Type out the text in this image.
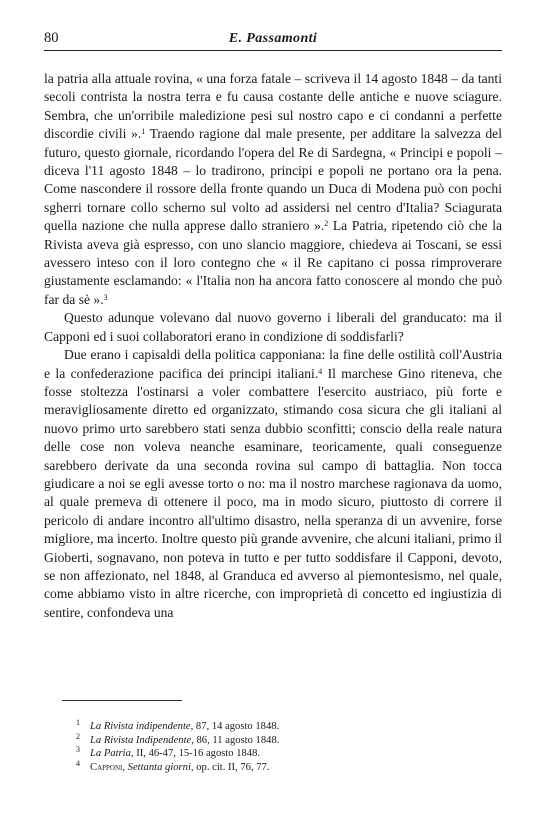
80	E. Passamonti

la patria alla attuale rovina, « una forza fatale – scriveva il 14 agosto 1848 – da tanti secoli contrista la nostra terra e fu causa costante delle antiche e nuove sciagure. Sembra, che un'orribile maledizione pesi sul nostro capo e ci condanni a perfette discordie civili ».$^1$ Traendo ragione dal male presente, per additare la salvezza del futuro, questo giornale, ricordando l'opera del Re di Sardegna, « Principi e popoli – diceva l'11 agosto 1848 – lo tradirono, principi e popoli ne portano ora la pena. Come nascondere il rossore della fronte quando un Duca di Modena può con pochi sgherri tornare collo scherno sul volto ad assidersi nel centro d'Italia? Sciagurata quella nazione che nulla apprese dallo straniero ».$^2$ La Patria, ripetendo ciò che la Rivista aveva già espresso, con uno slancio maggiore, chiedeva ai Toscani, se essi avessero inteso con il loro contegno che « il Re capitano ci possa rimproverare giustamente esclamando: « l'Italia non ha ancora fatto conoscere al mondo che può far da sè ».$^3$

Questo adunque volevano dal nuovo governo i liberali del granducato: ma il Capponi ed i suoi collaboratori erano in condizione di soddisfarli?

Due erano i capisaldi della politica capponiana: la fine delle ostilità coll'Austria e la confederazione pacifica dei principi italiani.$^4$ Il marchese Gino riteneva, che fosse stoltezza l'ostinarsi a voler combattere l'esercito austriaco, più forte e meravigliosamente diretto ed organizzato, stimando cosa sicura che gli italiani al nuovo primo urto sarebbero stati senza dubbio sconfitti; conscio della reale natura delle cose non voleva neanche esaminare, teoricamente, quali conseguenze sarebbero derivate da una seconda rovina sul campo di battaglia. Non tocca giudicare a noi se egli avesse torto o no: ma il nostro marchese ragionava da uomo, al quale premeva di ottenere il poco, ma in modo sicuro, piuttosto di correre il pericolo di andare incontro all'ultimo disastro, nella speranza di un avvenire, forse migliore, ma incerto. Inoltre questo più grande avvenire, che alcuni italiani, primo il Gioberti, sognavano, non poteva in tutto e per tutto soddisfare il Capponi, devoto, se non affezionato, nel 1848, al Granduca ed avverso al piemontesismo, nel quale, come abbiamo visto in altre ricerche, con improprietà di concetto ed ingiustizia di sentire, confondeva una

$^1$ La Rivista indipendente, 87, 14 agosto 1848.
$^2$ La Rivista Indipendente, 86, 11 agosto 1848.
$^3$ La Patria, II, 46-47, 15-16 agosto 1848.
$^4$ Capponi, Settanta giorni, op. cit. II, 76, 77.
